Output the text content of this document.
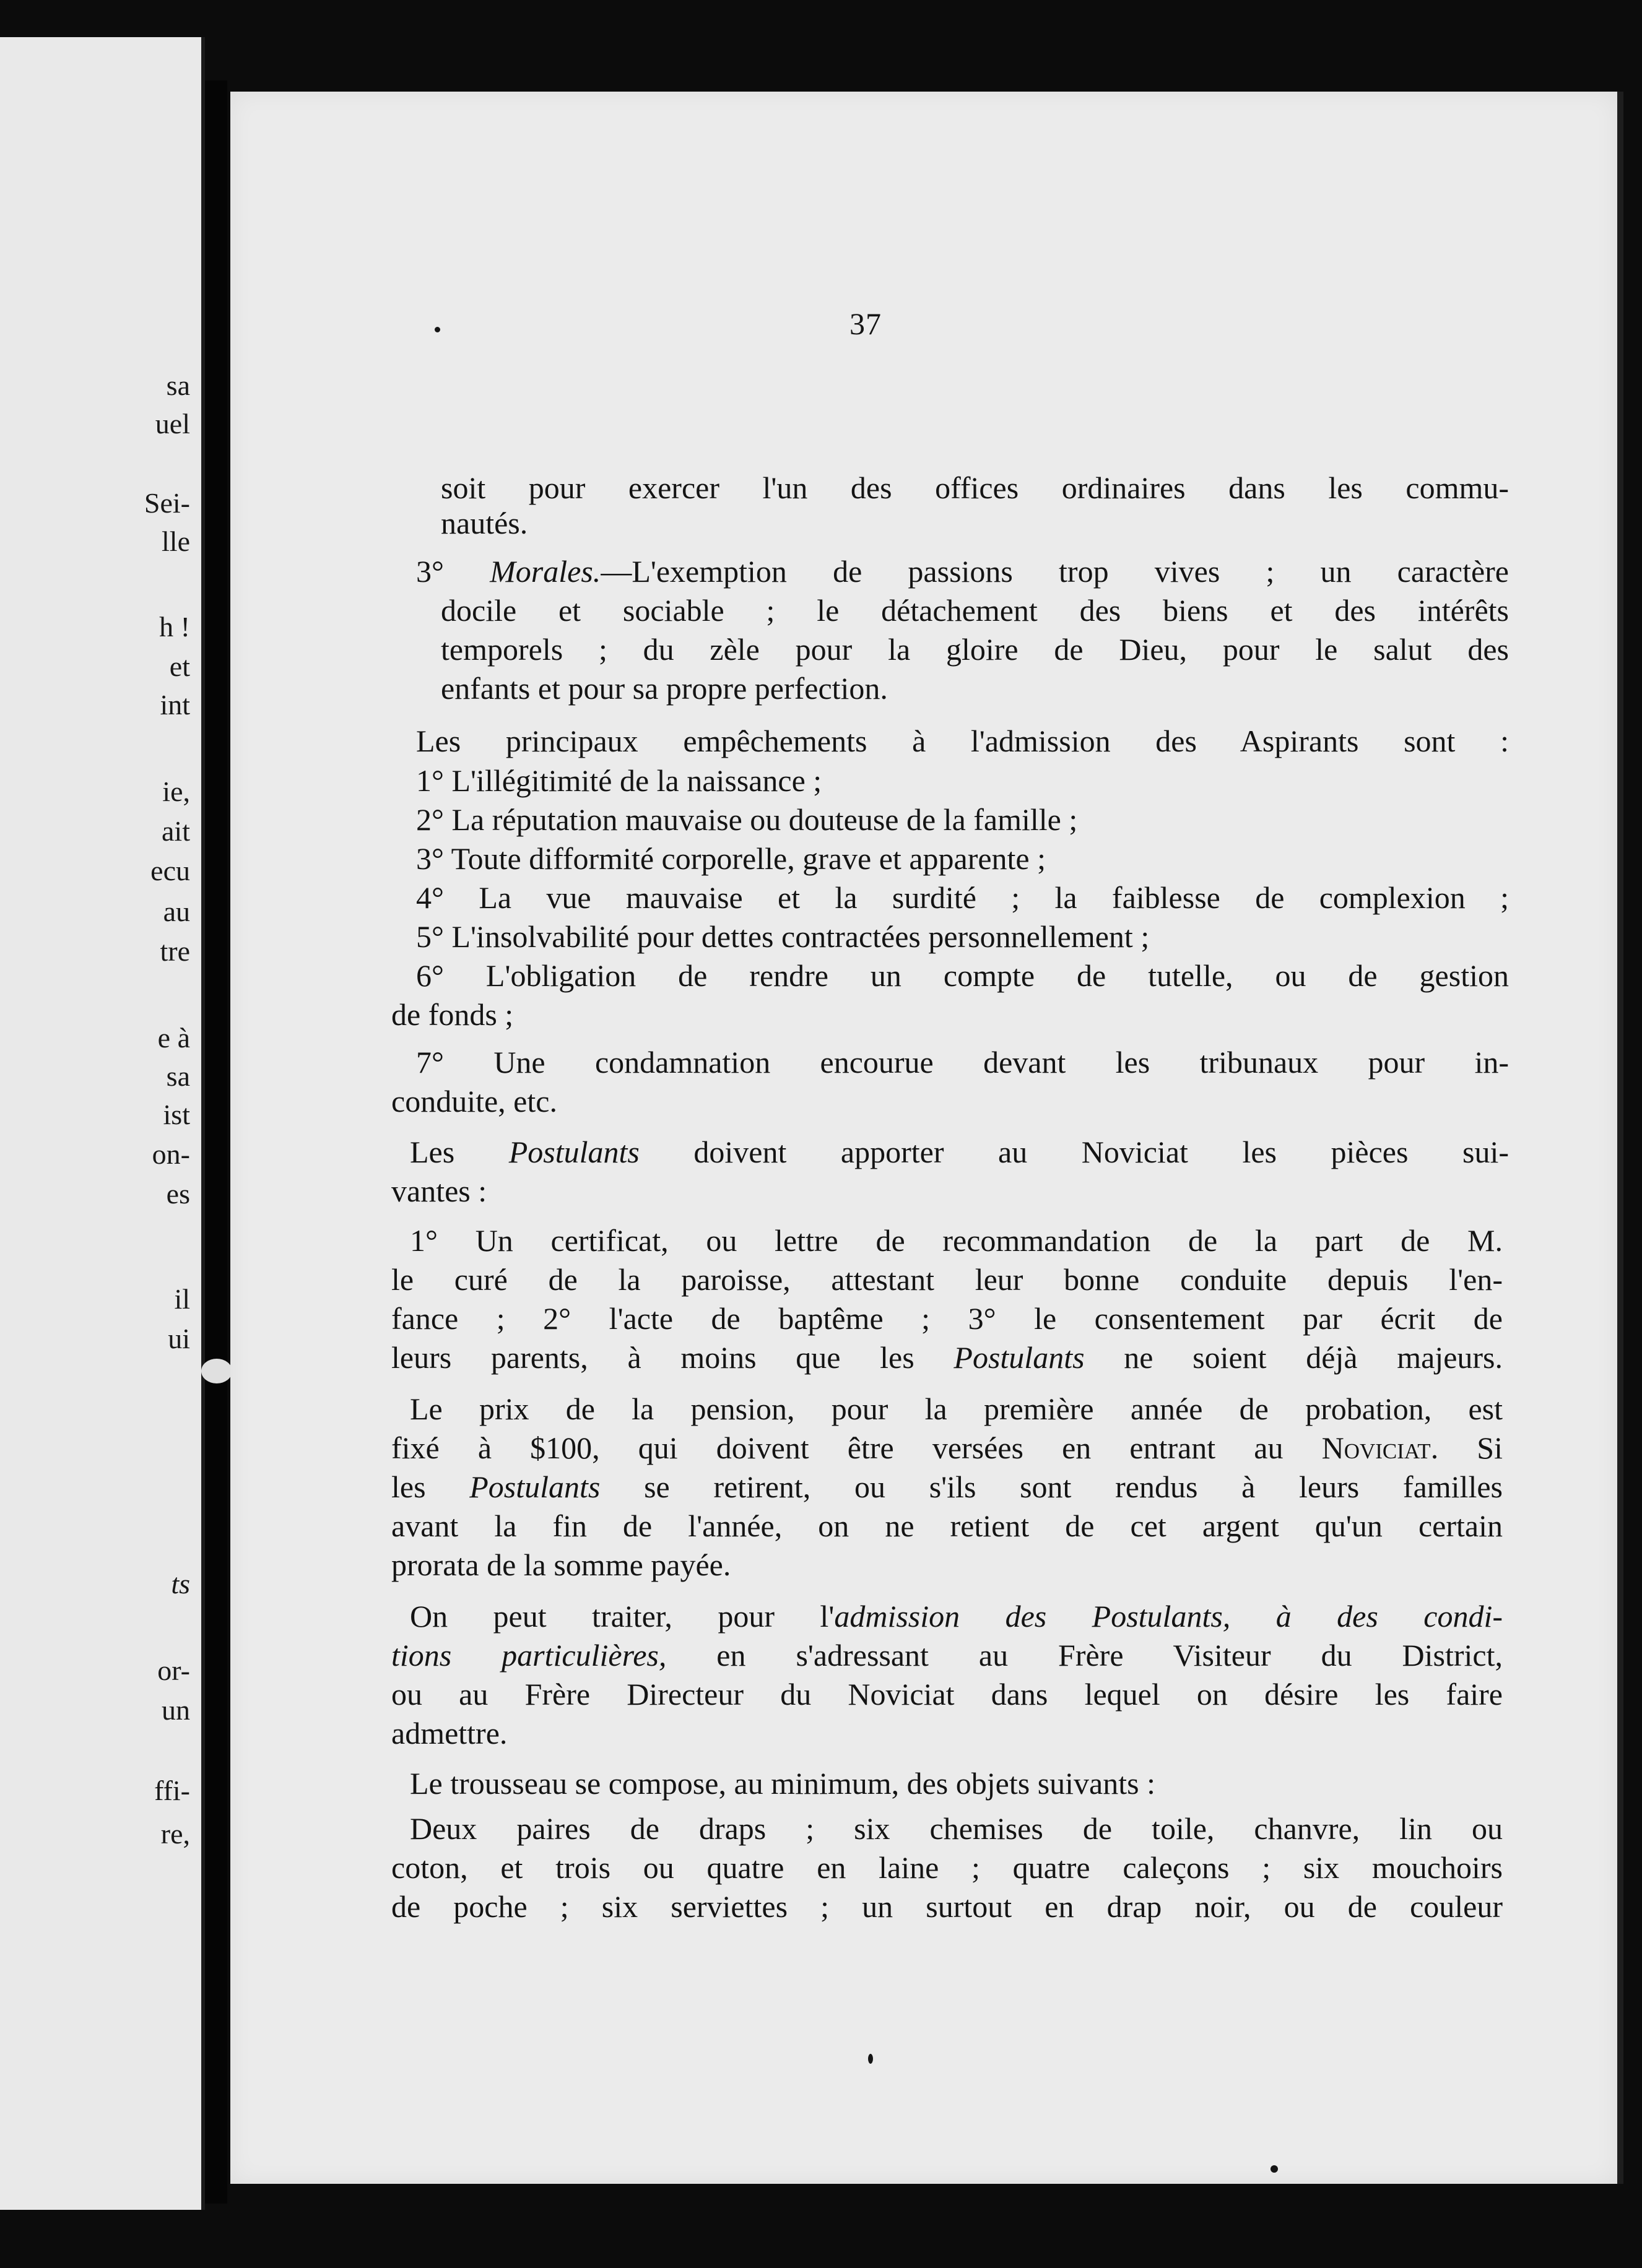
sa
uel
Sei-
lle
h !
et
int
ie,
ait
ecu
au
tre
e à
sa
ist
on-
es
il
ui
ts
or-
un
ffi-
re,
37
soit pour exercer l'un des offices ordinaires dans les commu-
nautés.
3° Morales.—L'exemption de passions trop vives ; un caractère
docile et sociable ; le détachement des biens et des intérêts
temporels ; du zèle pour la gloire de Dieu, pour le salut des
enfants et pour sa propre perfection.
Les principaux empêchements à l'admission des Aspirants sont :
1° L'illégitimité de la naissance ;
2° La réputation mauvaise ou douteuse de la famille ;
3° Toute difformité corporelle, grave et apparente ;
4° La vue mauvaise et la surdité ; la faiblesse de complexion ;
5° L'insolvabilité pour dettes contractées personnellement ;
6° L'obligation de rendre un compte de tutelle, ou de gestion
de fonds ;
7° Une condamnation encourue devant les tribunaux pour in-
conduite, etc.
Les Postulants doivent apporter au Noviciat les pièces sui-
vantes :
1° Un certificat, ou lettre de recommandation de la part de M.
le curé de la paroisse, attestant leur bonne conduite depuis l'en-
fance ; 2° l'acte de baptême ; 3° le consentement par écrit de
leurs parents, à moins que les Postulants ne soient déjà majeurs.
Le prix de la pension, pour la première année de probation, est
fixé à $100, qui doivent être versées en entrant au Noviciat. Si
les Postulants se retirent, ou s'ils sont rendus à leurs familles
avant la fin de l'année, on ne retient de cet argent qu'un certain
prorata de la somme payée.
On peut traiter, pour l'admission des Postulants, à des condi-
tions particulières, en s'adressant au Frère Visiteur du District,
ou au Frère Directeur du Noviciat dans lequel on désire les faire
admettre.
Le trousseau se compose, au minimum, des objets suivants :
Deux paires de draps ; six chemises de toile, chanvre, lin ou
coton, et trois ou quatre en laine ; quatre caleçons ; six mouchoirs
de poche ; six serviettes ; un surtout en drap noir, ou de couleur
